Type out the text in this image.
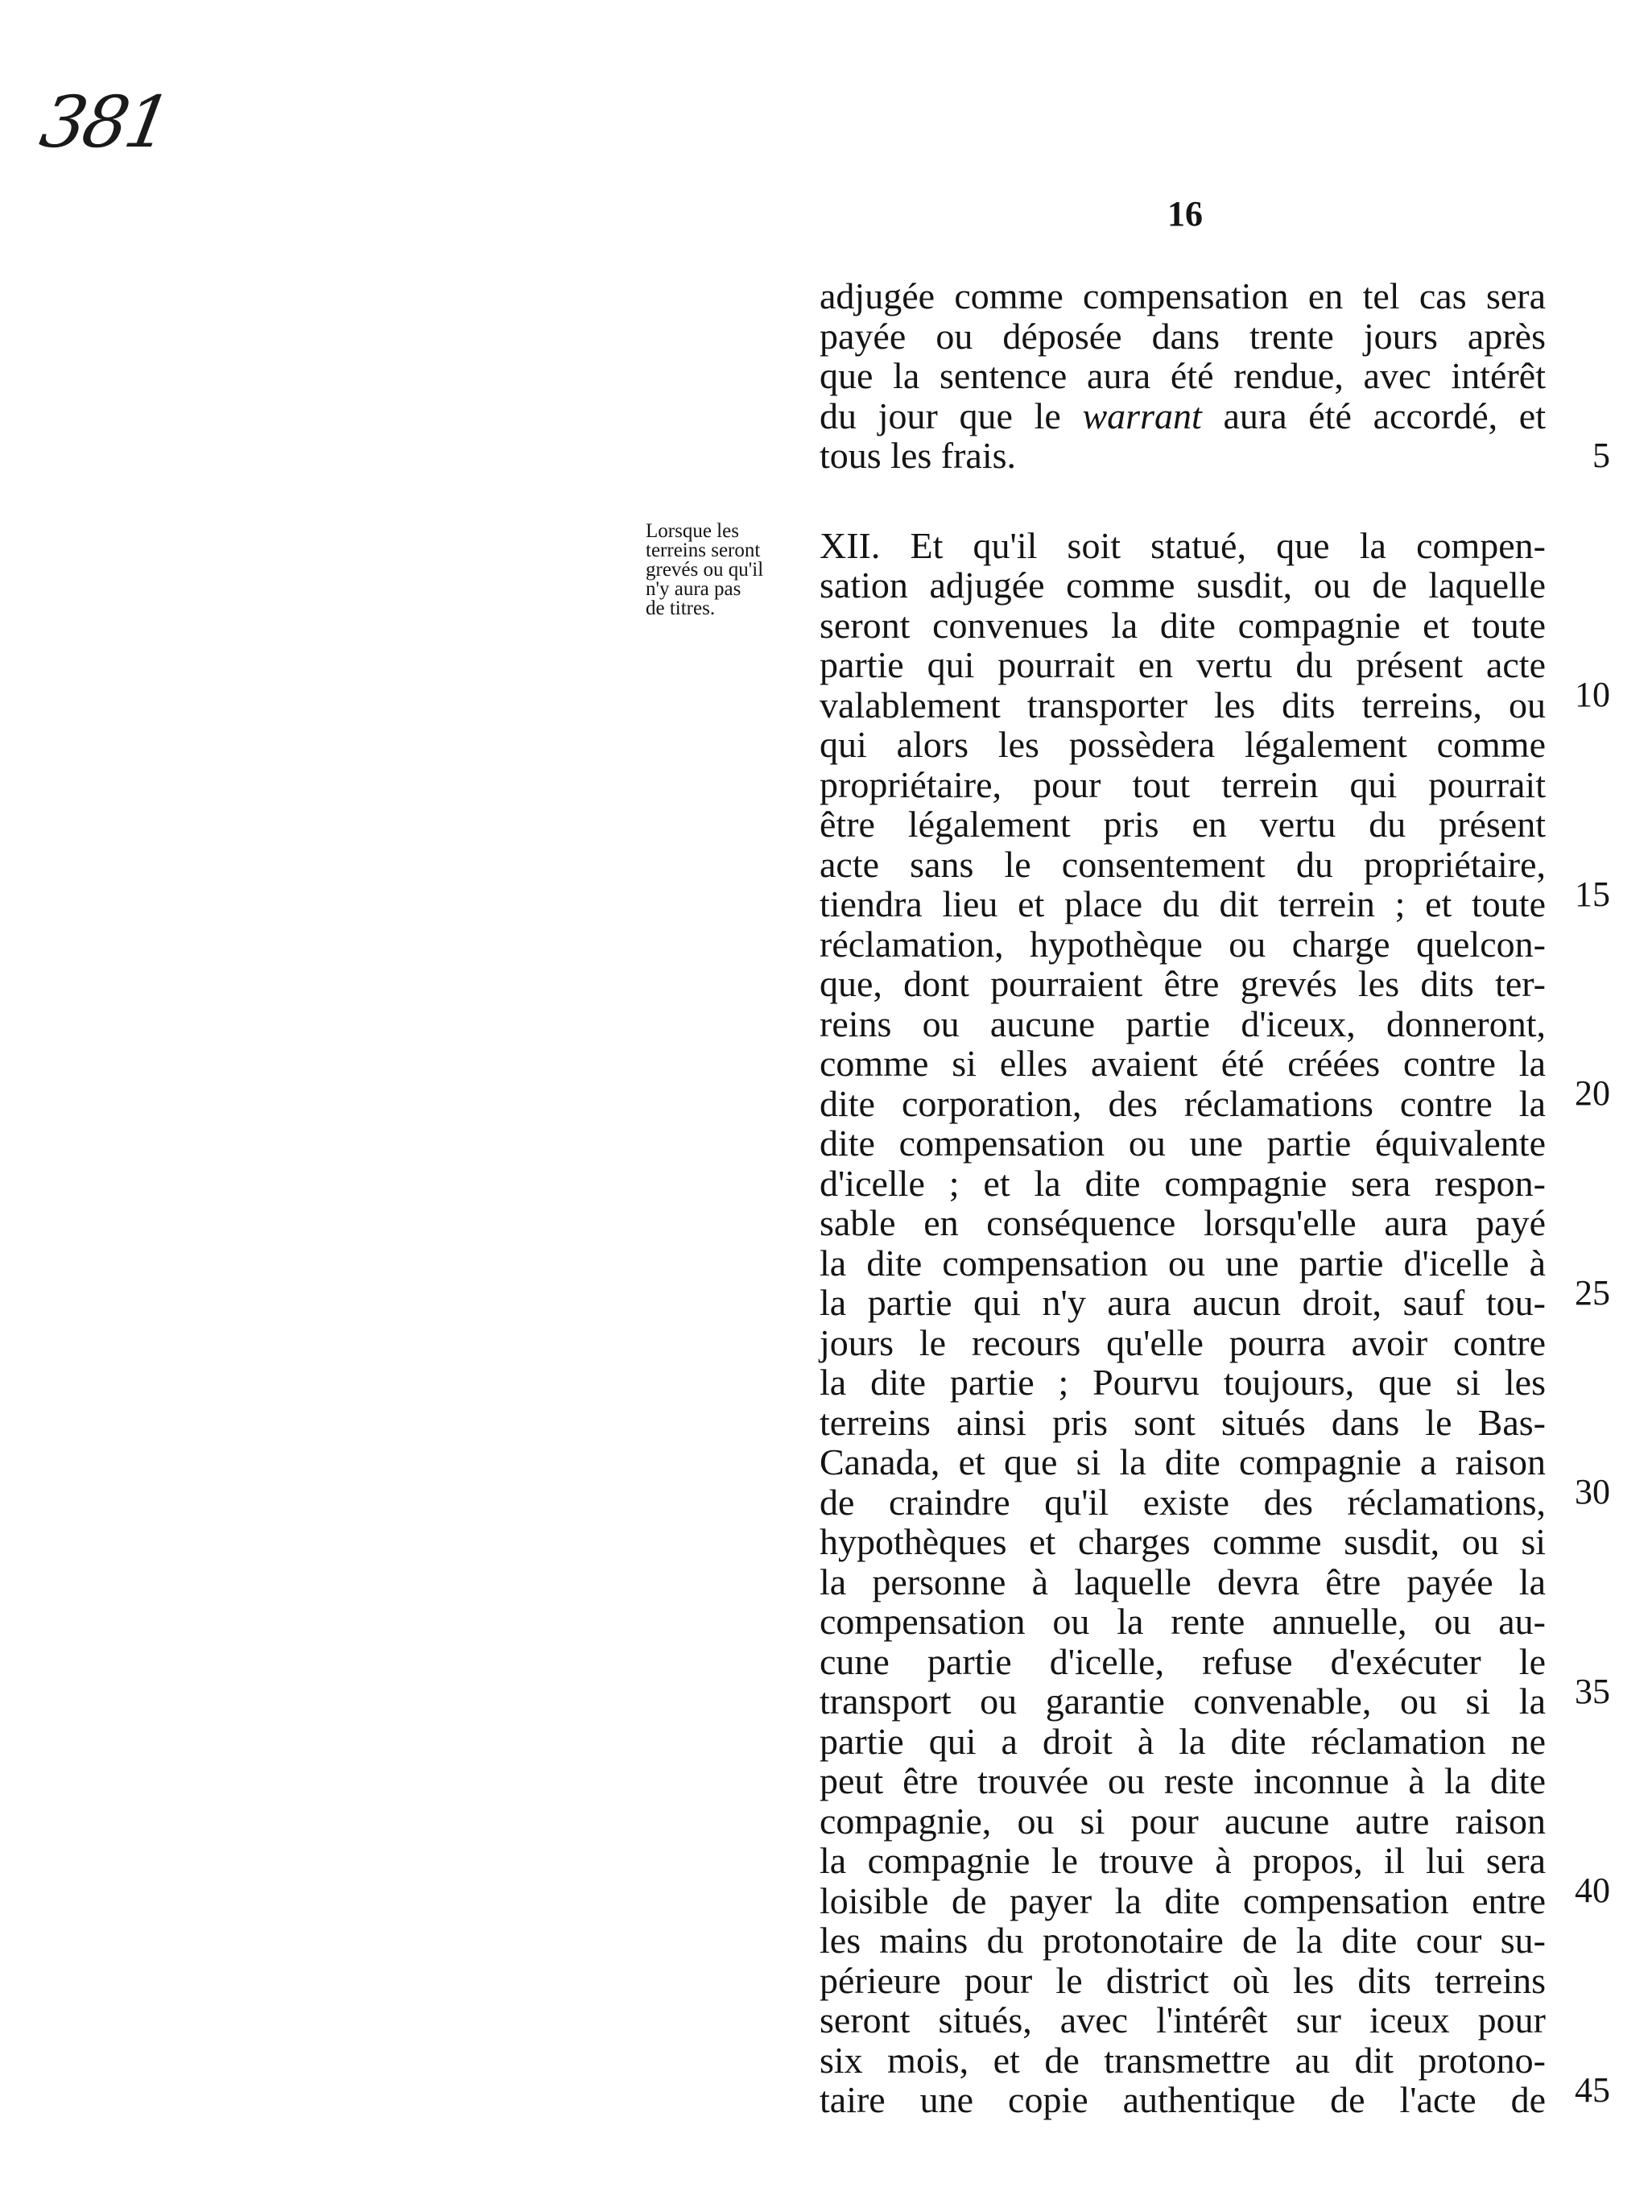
381
16
Lorsque les
terreins seront
grevés ou qu'il
n'y aura pas
de titres.
adjugée comme compensation en tel cas sera
payée ou déposée dans trente jours après
que la sentence aura été rendue, avec intérêt
du jour que le warrant aura été accordé, et
tous les frais.
XII. Et qu'il soit statué, que la compen-
sation adjugée comme susdit, ou de laquelle
seront convenues la dite compagnie et toute
partie qui pourrait en vertu du présent acte
valablement transporter les dits terreins, ou
qui alors les possèdera légalement comme
propriétaire, pour tout terrein qui pourrait
être légalement pris en vertu du présent
acte sans le consentement du propriétaire,
tiendra lieu et place du dit terrein ; et toute
réclamation, hypothèque ou charge quelcon-
que, dont pourraient être grevés les dits ter-
reins ou aucune partie d'iceux, donneront,
comme si elles avaient été créées contre la
dite corporation, des réclamations contre la
dite compensation ou une partie équivalente
d'icelle ; et la dite compagnie sera respon-
sable en conséquence lorsqu'elle aura payé
la dite compensation ou une partie d'icelle à
la partie qui n'y aura aucun droit, sauf tou-
jours le recours qu'elle pourra avoir contre
la dite partie ; Pourvu toujours, que si les
terreins ainsi pris sont situés dans le Bas-
Canada, et que si la dite compagnie a raison
de craindre qu'il existe des réclamations,
hypothèques et charges comme susdit, ou si
la personne à laquelle devra être payée la
compensation ou la rente annuelle, ou au-
cune partie d'icelle, refuse d'exécuter le
transport ou garantie convenable, ou si la
partie qui a droit à la dite réclamation ne
peut être trouvée ou reste inconnue à la dite
compagnie, ou si pour aucune autre raison
la compagnie le trouve à propos, il lui sera
loisible de payer la dite compensation entre
les mains du protonotaire de la dite cour su-
périeure pour le district où les dits terreins
seront situés, avec l'intérêt sur iceux pour
six mois, et de transmettre au dit protono-
taire une copie authentique de l'acte de
5
10
15
20
25
30
35
40
45
